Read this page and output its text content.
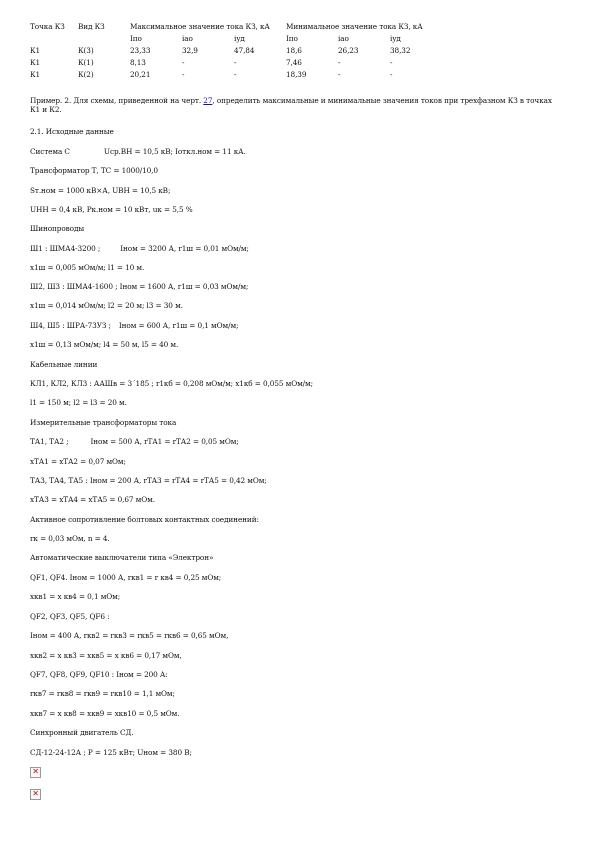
Точка КЗ	Вид КЗ	Максимальное значение тока КЗ, кА			Минимальное значение тока КЗ, кА		
		Iпо	iao	iуд	Iпо	iao	iуд
К1	К(3)	23,33	32,9	47,84	18,6	26,23	38,32
К1	К(1)	8,13	-	-	7,46	-	-
К1	К(2)	20,21	-	-	18,39	-	-
Пример. 2. Для схемы, приведенной на черт. 27, определить максимальные и минимальные значения токов при трехфазном КЗ в точках К1 и К2.
2.1. Исходные данные
Система С	Uср.ВН = 10,5 кВ; Iоткл.ном = 11 кА.
Трансформатор Т, ТС = 1000/10,0
Sт.ном = 1000 кВ×А, UВН = 10,5 кВ;
UНН = 0,4 кВ, Рк.ном = 10 кВт, uк = 5,5 %
Шинопроводы
Ш1 : ШМА4-3200 ;	Iном = 3200 А, r1ш = 0,01 мОм/м;
x1ш = 0,005 мОм/м; l1 = 10 м.
Ш2, Ш3 : ШМА4-1600 ; Iном = 1600 А, r1ш = 0,03 мОм/м;
x1ш = 0,014 мОм/м; l2 = 20 м; l3 = 30 м.
Ш4, Ш5 : ШРА-73УЗ ; Iном = 600 А, r1ш = 0,1 мОм/м;
x1ш = 0,13 мОм/м; l4 = 50 м, l5 = 40 м.
Кабельные линии
КЛ1, КЛ2, КЛ3 : ААШв = 3´185 ; r1кб = 0,208 мОм/м; x1кб = 0,055 мОм/м;
l1 = 150 м; l2 = l3 = 20 м.
Измерительные трансформаторы тока
ТА1, ТА2 ;	Iном = 500 А, rТА1 = rТА2 = 0,05 мОм;
xТА1 = xТА2 = 0,07 мОм;
ТА3, ТА4, ТА5 : Iном = 200 А, rТА3 = rТА4 = rТА5 = 0,42 мОм;
xТА3 = xТА4 = xТА5 = 0,67 мОм.
Активное сопротивление болтовых контактных соединений:
rк = 0,03 мОм, n = 4.
Автоматические выключатели типа «Электрон»
QF1, QF4. Iном = 1000 А, rкв1 = r кв4 = 0,25 мОм;
xкв1 = x кв4 = 0,1 мОм;
QF2, QF3, QF5, QF6 :
Iном = 400 А, rкв2 = rкв3 = rкв5 = rкв6 = 0,65 мОм,
xкв2 = x кв3 = xкв5 = x кв6 = 0,17 мОм,
QF7, QF8, QF9, QF10 : Iном = 200 А:
rкв7 = rкв8 = rкв9 = rкв10 = 1,1 мОм;
xкв7 = x кв8 = xкв9 = xкв10 = 0,5 мОм.
Синхронный двигатель СД.
СД-12-24-12А ; Р = 125 кВт; Uном = 380 В;
✕
✕
